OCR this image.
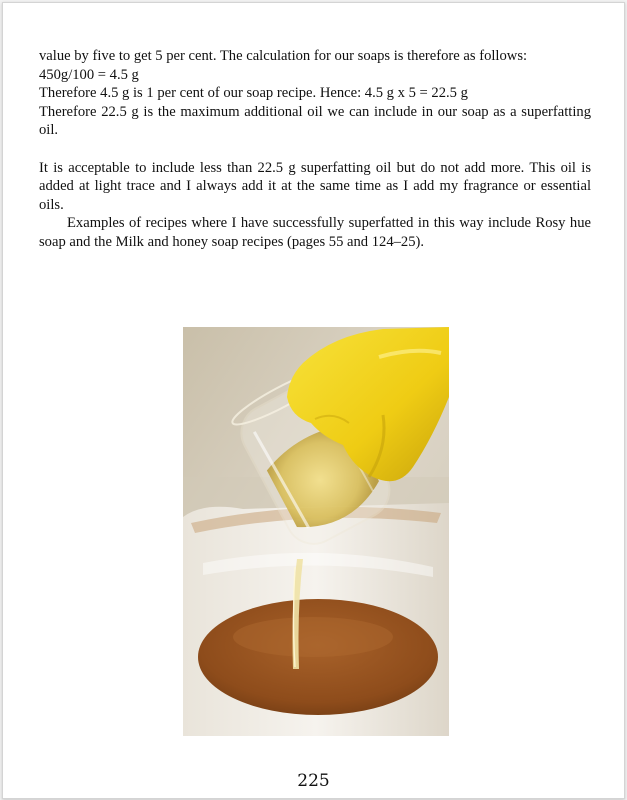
value by five to get 5 per cent. The calculation for our soaps is therefore as follows:

450g/100 = 4.5 g

Therefore 4.5 g is 1 per cent of our soap recipe. Hence: 4.5 g x 5 = 22.5 g

Therefore 22.5 g is the maximum additional oil we can include in our soap as a superfatting oil.

It is acceptable to include less than 22.5 g superfatting oil but do not add more. This oil is added at light trace and I always add it at the same time as I add my fragrance or essential oils.

Examples of recipes where I have successfully superfatted in this way include Rosy hue soap and the Milk and honey soap recipes (pages 55 and 124–25).

225
